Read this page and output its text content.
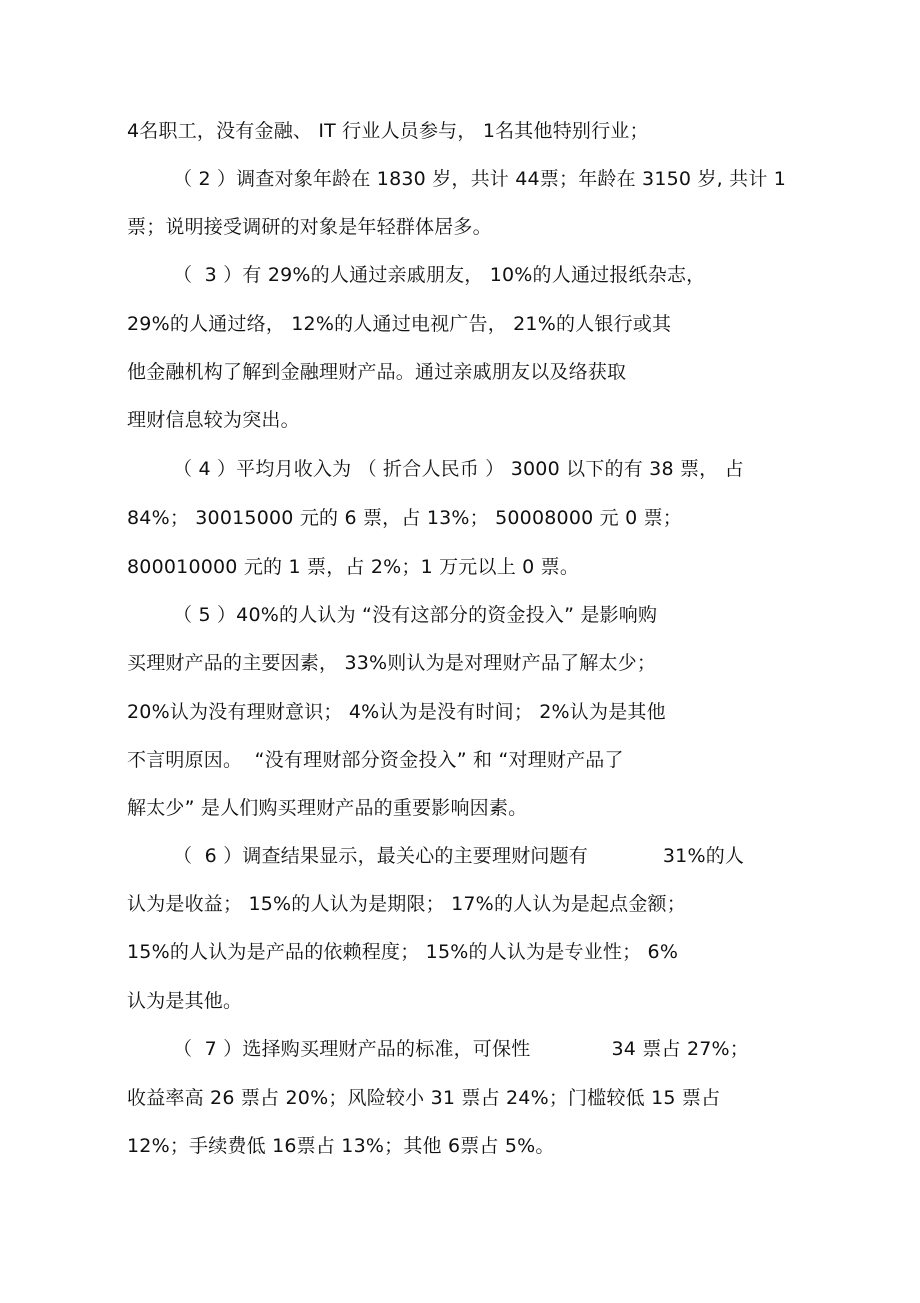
4名职工，没有金融、 IT 行业人员参与， 1名其他特别行业；
（ 2 ）调查对象年龄在 1830 岁，共计 44票；年龄在 3150 岁, 共计 1
票；说明接受调研的对象是年轻群体居多。
（  3 ）有 29%的人通过亲戚朋友， 10%的人通过报纸杂志，
29%的人通过络， 12%的人通过电视广告， 21%的人银行或其
他金融机构了解到金融理财产品。通过亲戚朋友以及络获取
理财信息较为突出。
（ 4 ）平均月收入为 （ 折合人民币 ） 3000 以下的有 38 票， 占
84%； 30015000 元的 6 票，占 13%； 50008000 元 0 票；
800010000 元的 1 票，占 2%；1 万元以上 0 票。
（ 5 ）40%的人认为 “没有这部分的资金投入” 是影响购
买理财产品的主要因素， 33%则认为是对理财产品了解太少；
20%认为没有理财意识； 4%认为是没有时间； 2%认为是其他
不言明原因。  “没有理财部分资金投入” 和 “对理财产品了
解太少” 是人们购买理财产品的重要影响因素。
（  6 ）调查结果显示，最关心的主要理财问题有            31%的人
认为是收益； 15%的人认为是期限； 17%的人认为是起点金额；
15%的人认为是产品的依赖程度； 15%的人认为是专业性； 6%
认为是其他。
（  7 ）选择购买理财产品的标准，可保性             34 票占 27%；
收益率高 26 票占 20%；风险较小 31 票占 24%；门槛较低 15 票占
12%；手续费低 16票占 13%；其他 6票占 5%。
